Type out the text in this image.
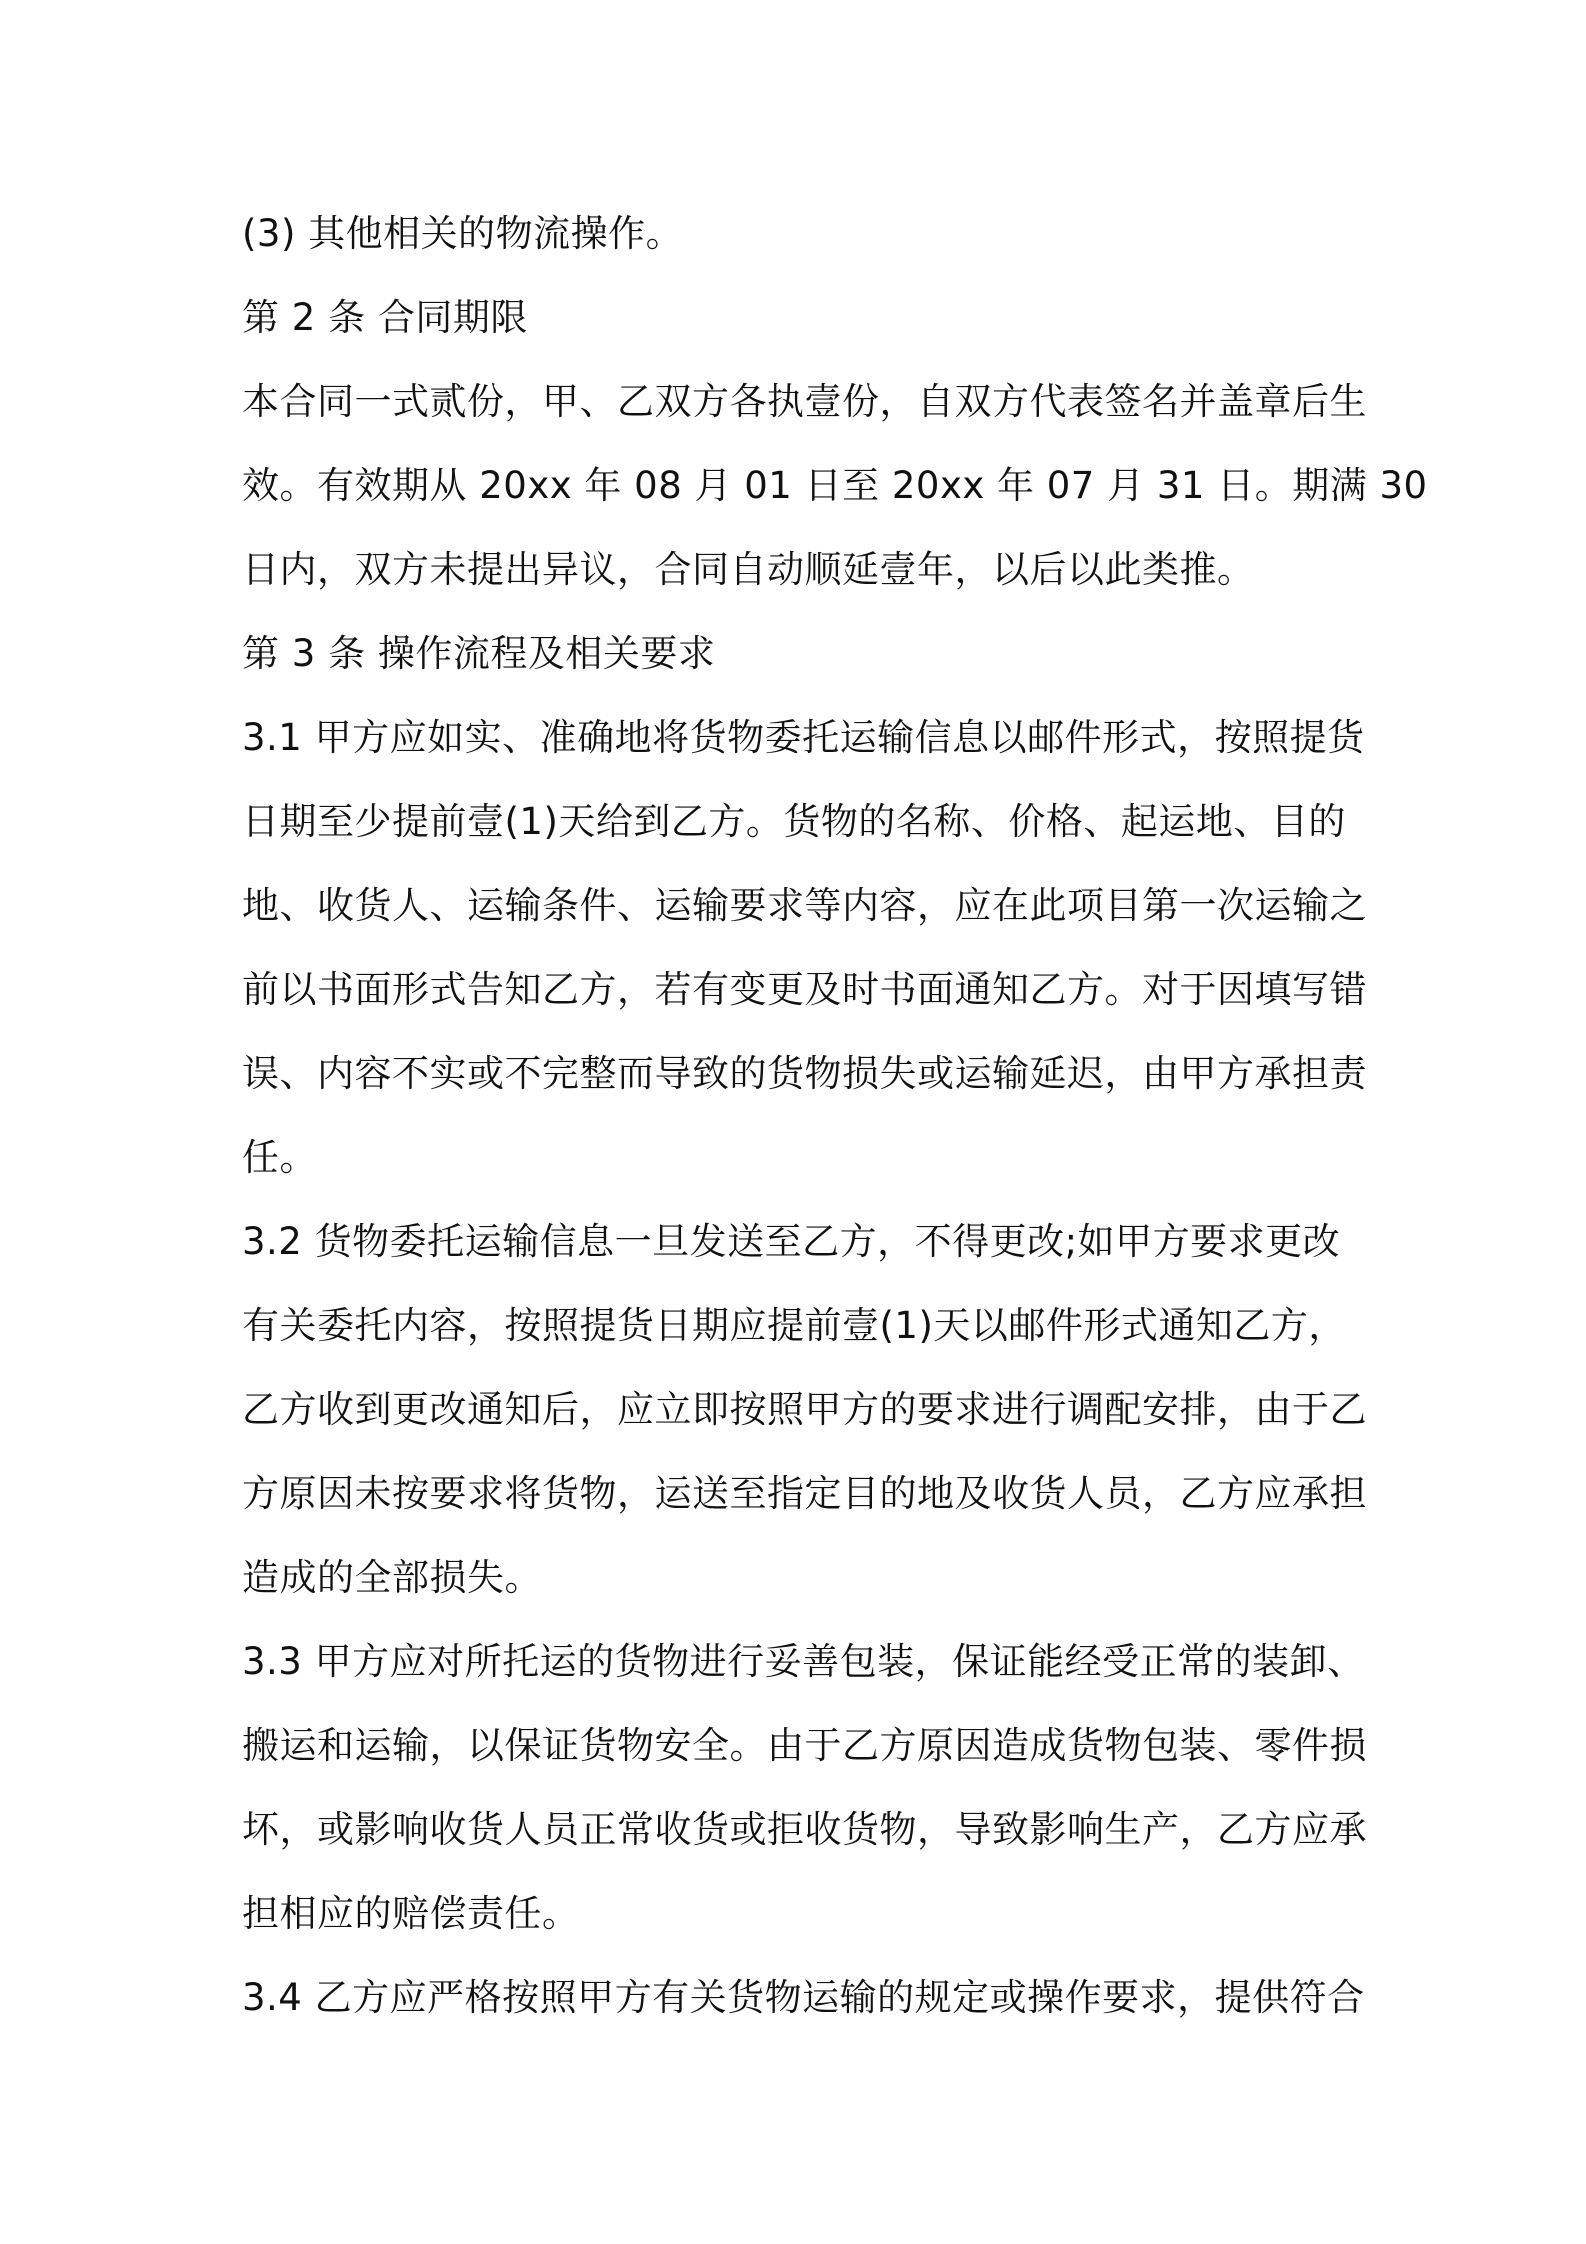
(3) 其他相关的物流操作。
第 2 条 合同期限
本合同一式贰份，甲、乙双方各执壹份，自双方代表签名并盖章后生
效。有效期从 20xx 年 08 月 01 日至 20xx 年 07 月 31 日。期满 30
日内，双方未提出异议，合同自动顺延壹年，以后以此类推。
第 3 条 操作流程及相关要求
3.1 甲方应如实、准确地将货物委托运输信息以邮件形式，按照提货
日期至少提前壹(1)天给到乙方。货物的名称、价格、起运地、目的
地、收货人、运输条件、运输要求等内容，应在此项目第一次运输之
前以书面形式告知乙方，若有变更及时书面通知乙方。对于因填写错
误、内容不实或不完整而导致的货物损失或运输延迟，由甲方承担责
任。
3.2 货物委托运输信息一旦发送至乙方，不得更改;如甲方要求更改
有关委托内容，按照提货日期应提前壹(1)天以邮件形式通知乙方，
乙方收到更改通知后，应立即按照甲方的要求进行调配安排，由于乙
方原因未按要求将货物，运送至指定目的地及收货人员，乙方应承担
造成的全部损失。
3.3 甲方应对所托运的货物进行妥善包装，保证能经受正常的装卸、
搬运和运输，以保证货物安全。由于乙方原因造成货物包装、零件损
坏，或影响收货人员正常收货或拒收货物，导致影响生产，乙方应承
担相应的赔偿责任。
3.4 乙方应严格按照甲方有关货物运输的规定或操作要求，提供符合
